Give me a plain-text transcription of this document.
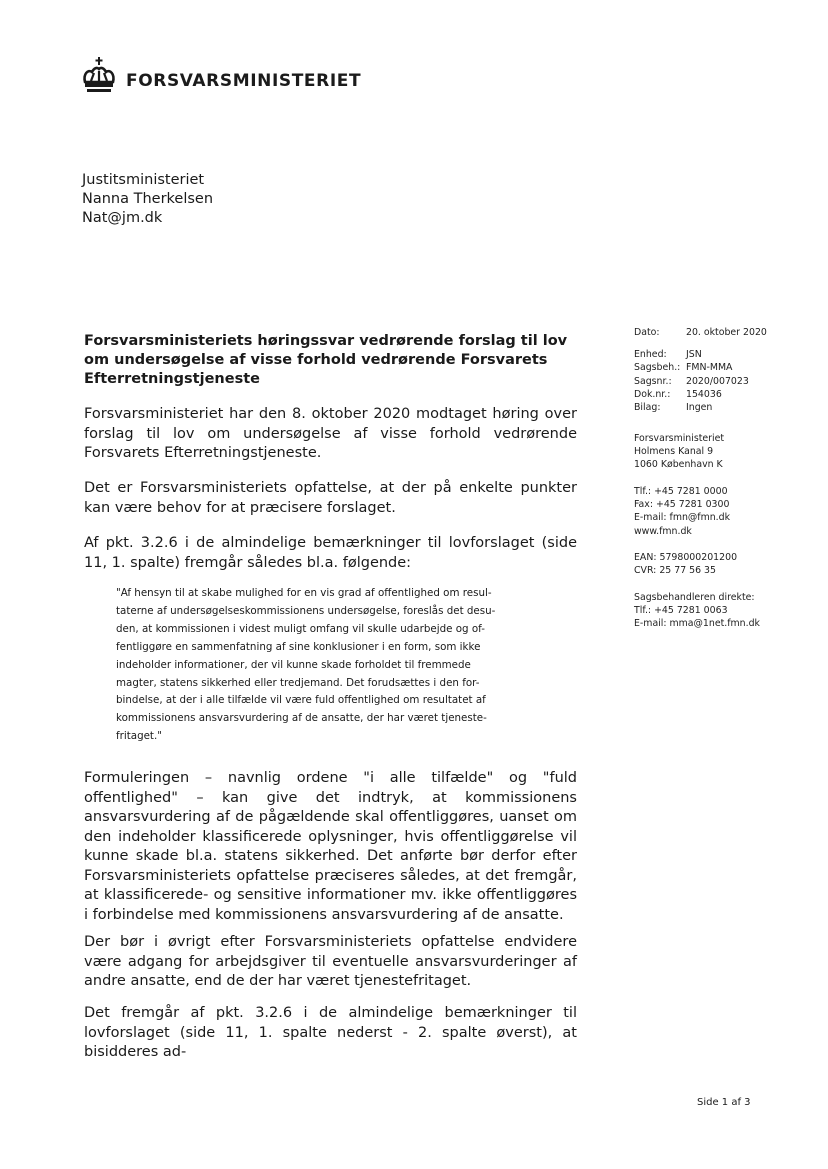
FORSVARSMINISTERIET
Justitsministeriet
Nanna Therkelsen
Nat@jm.dk
Forsvarsministeriets høringssvar vedrørende forslag til lov om undersøgelse af visse forhold vedrørende Forsvarets Efterretningstjeneste
Forsvarsministeriet har den 8. oktober 2020 modtaget høring over forslag til lov om undersøgelse af visse forhold vedrørende Forsvarets Efterretningstjeneste.
Det er Forsvarsministeriets opfattelse, at der på enkelte punkter kan være behov for at præcisere forslaget.
Af pkt. 3.2.6 i de almindelige bemærkninger til lovforslaget (side 11, 1. spalte) fremgår således bl.a. følgende:
"Af hensyn til at skabe mulighed for en vis grad af offentlighed om resul-
taterne af undersøgelseskommissionens undersøgelse, foreslås det desu-
den, at kommissionen i videst muligt omfang vil skulle udarbejde og of-
fentliggøre en sammenfatning af sine konklusioner i en form, som ikke
indeholder informationer, der vil kunne skade forholdet til fremmede
magter, statens sikkerhed eller tredjemand. Det forudsættes i den for-
bindelse, at der i alle tilfælde vil være fuld offentlighed om resultatet af
kommissionens ansvarsvurdering af de ansatte, der har været tjeneste-
fritaget."
Formuleringen – navnlig ordene "i alle tilfælde" og "fuld offentlighed" – kan give det indtryk, at kommissionens ansvarsvurdering af de pågældende skal offentliggøres, uanset om den indeholder klassificerede oplysninger, hvis offentliggørelse vil kunne skade bl.a. statens sikkerhed. Det anførte bør derfor efter Forsvarsministeriets opfattelse præciseres således, at det fremgår, at klassificerede- og sensitive informationer mv. ikke offentliggøres i forbindelse med kommissionens ansvarsvurdering af de ansatte.
Der bør i øvrigt efter Forsvarsministeriets opfattelse endvidere være adgang for arbejdsgiver til eventuelle ansvarsvurderinger af andre ansatte, end de der har været tjenestefritaget.
Det fremgår af pkt. 3.2.6 i de almindelige bemærkninger til lovforslaget (side 11, 1. spalte nederst - 2. spalte øverst), at bisidderes ad-
Dato:	20. oktober 2020
Enhed:	JSN
Sagsbeh.: FMN-MMA
Sagsnr.:	2020/007023
Dok.nr.:	154036
Bilag:	Ingen
Forsvarsministeriet
Holmens Kanal 9
1060 København K
Tlf.: +45 7281 0000
Fax: +45 7281 0300
E-mail: fmn@fmn.dk
www.fmn.dk
EAN: 5798000201200
CVR: 25 77 56 35
Sagsbehandleren direkte:
Tlf.: +45 7281 0063
E-mail: mma@1net.fmn.dk
Side 1 af 3
